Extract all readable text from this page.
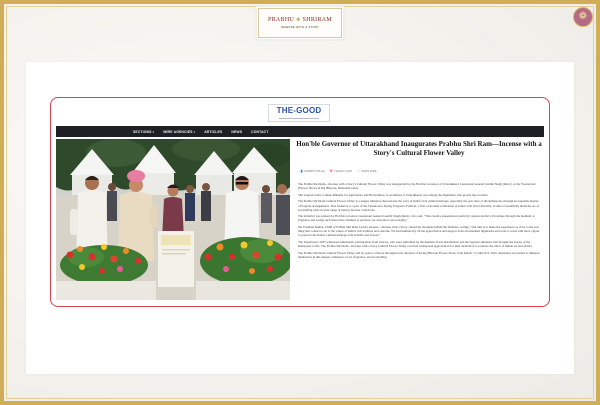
PRABHU ❋ SHRIRAM
INCENSE WITH A STORY
❁
THE-GOOD
SECTIONS▾	WIRE AGENCIES▾	ARTICLES	NEWS	CONTACT
Hon'ble Governor of Uttarakhand Inaugurates Prabhu Shri Ram—Incense with a Story's Cultural Flower Valley
👤ROBERT NOLAN 📅7 MARCH 2025 🏷NEWS WIRE

The Prabhu Shri Ram—Incense with a Story's Cultural Flower Valley was inaugurated by the Hon'ble Governor of Uttarakhand, Lieutenant General Gurmit Singh (Retd.), at the Vasantotsav (Flower Show) in Raj Bhawan, Dehradun today.

Shri Ganesh Joshi, Cabinet Minister for Agriculture and Horticulture, Government of Uttarakhand, was among the dignitaries who graced the occasion.

The Prabhu Shri Ram Cultural Flower Valley is a unique initiative that narrates the story of India's rich cultural heritage, especially the epic tales of the Ramayana, through an exquisite display of fragrant arrangements. This endeavor is a part of the Vasantotsav Spring Fragrance Festival, a first-of-its-kind celebration of India's rich floral diversity. It aims to beautifully blend the art of storytelling with an wide range of history incense collections.

The initiative was praised by Hon'ble Governor Lieutenant General Gurmit Singh (Retd.) who said, "This creative presentation perfectly captures India's rich culture through the medium of fragrance and seeing such innovative attempts to promote our customs is encouraging."

Mr. Prashant Kumar, CMD of Prabhu Shri Ram Luxury Incense—Incense with a Story, shared his thoughts behind the initiative, stating, "Our aim is to make the experience as close to the real thing that connects one to the values of India's rich tradition and customs. We feel humbled by all the appreciation and support from all esteemed dignitaries and want to work with more vigour to preserve the India's cultural heritage both in India and abroad."

The Vasantotsav 2025 witnessed enthusiastic participation from visitors, who were enthralled by the thematic floral installations and the fragrant ambiance that brought the stories of the Ramayana to life. The Prabhu Shri Ram—Incense with a Story Cultural Flower Valley received widespread appreciation for their dedication to promote the ethos of Indian art and culture.

The Prabhu Shri Ram Cultural Flower Valley and its open to visitors throughout the duration of the Raj Bhavan Flower Show, from March 7 to March 9, 2025. Attendees are invited to immerse themselves in this unique confluence of art, fragrance, and storytelling.
